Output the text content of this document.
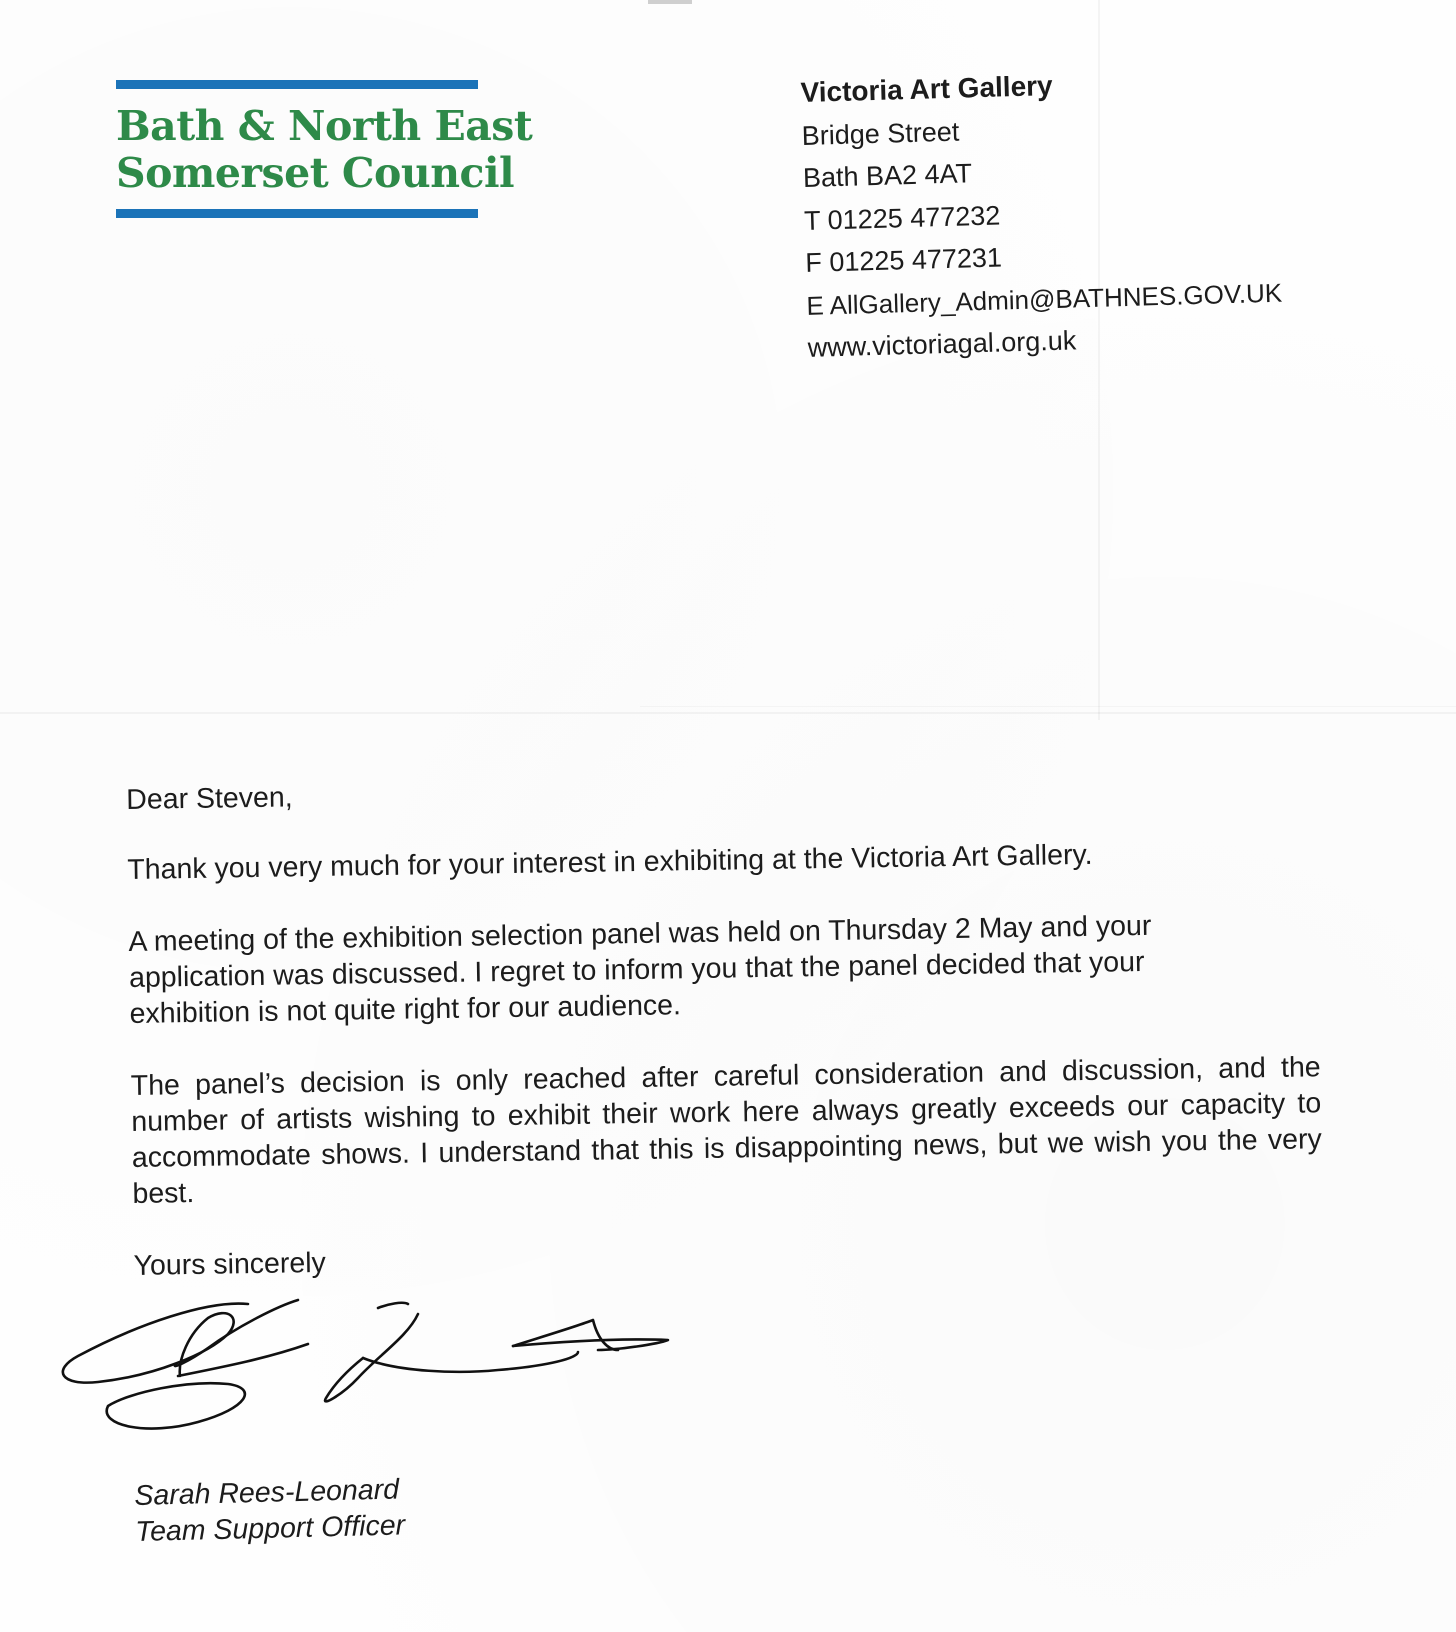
Bath & North East
Somerset Council
Victoria Art Gallery
Bridge Street
Bath BA2 4AT
T 01225 477232
F 01225 477231
E AllGallery_Admin@BATHNES.GOV.UK
www.victoriagal.org.uk

Dear Steven,

Thank you very much for your interest in exhibiting at the Victoria Art Gallery.

A meeting of the exhibition selection panel was held on Thursday 2 May and your application was discussed. I regret to inform you that the panel decided that your exhibition is not quite right for our audience.

The panel’s decision is only reached after careful consideration and discussion, and the number of artists wishing to exhibit their work here always greatly exceeds our capacity to accommodate shows. I understand that this is disappointing news, but we wish you the very best.

Yours sincerely

Sarah Rees-Leonard
Team Support Officer
